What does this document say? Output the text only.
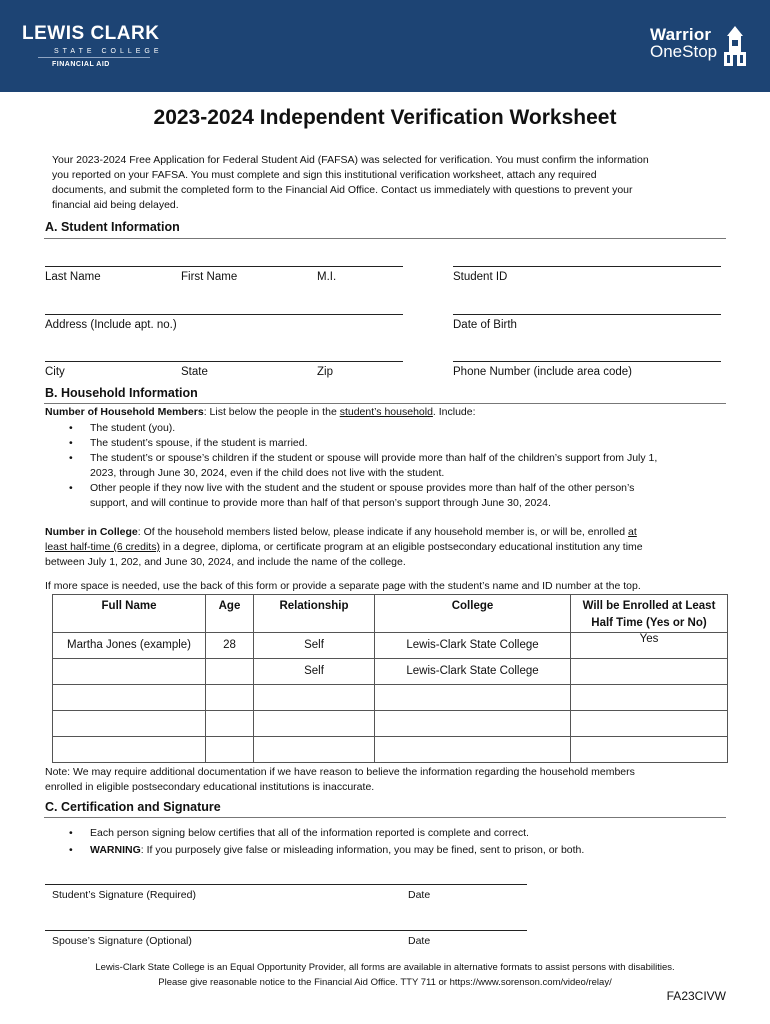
LEWIS CLARK
STATE COLLEGE
FINANCIAL AID
Warrior
OneStop
2023-2024 Independent Verification Worksheet
Your 2023-2024 Free Application for Federal Student Aid (FAFSA) was selected for verification. You must confirm the information
you reported on your FAFSA. You must complete and sign this institutional verification worksheet, attach any required
documents, and submit the completed form to the Financial Aid Office. Contact us immediately with questions to prevent your
financial aid being delayed.
A. Student Information
Last Name	First Name	M.I.	Student ID
Address (Include apt. no.)	Date of Birth
City	State	Zip	Phone Number (include area code)
B. Household Information
Number of Household Members: List below the people in the student’s household. Include:
• The student (you).
• The student’s spouse, if the student is married.
• The student’s or spouse’s children if the student or spouse will provide more than half of the children’s support from July 1,
2023, through June 30, 2024, even if the child does not live with the student.
• Other people if they now live with the student and the student or spouse provides more than half of the other person’s
support, and will continue to provide more than half of that person’s support through June 30, 2024.
Number in College: Of the household members listed below, please indicate if any household member is, or will be, enrolled at
least half-time (6 credits) in a degree, diploma, or certificate program at an eligible postsecondary educational institution any time
between July 1, 202, and June 30, 2024, and include the name of the college.
If more space is needed, use the back of this form or provide a separate page with the student’s name and ID number at the top.
Full Name	Age	Relationship	College	Will be Enrolled at Least Half Time (Yes or No)
Martha Jones (example)	28	Self	Lewis-Clark State College	Yes
		Self	Lewis-Clark State College	

Note: We may require additional documentation if we have reason to believe the information regarding the household members
enrolled in eligible postsecondary educational institutions is inaccurate.
C. Certification and Signature
• Each person signing below certifies that all of the information reported is complete and correct.
• WARNING: If you purposely give false or misleading information, you may be fined, sent to prison, or both.
Student’s Signature (Required)	Date
Spouse’s Signature (Optional)	Date
Lewis-Clark State College is an Equal Opportunity Provider, all forms are available in alternative formats to assist persons with disabilities.
Please give reasonable notice to the Financial Aid Office. TTY 711 or https://www.sorenson.com/video/relay/
FA23CIVW
